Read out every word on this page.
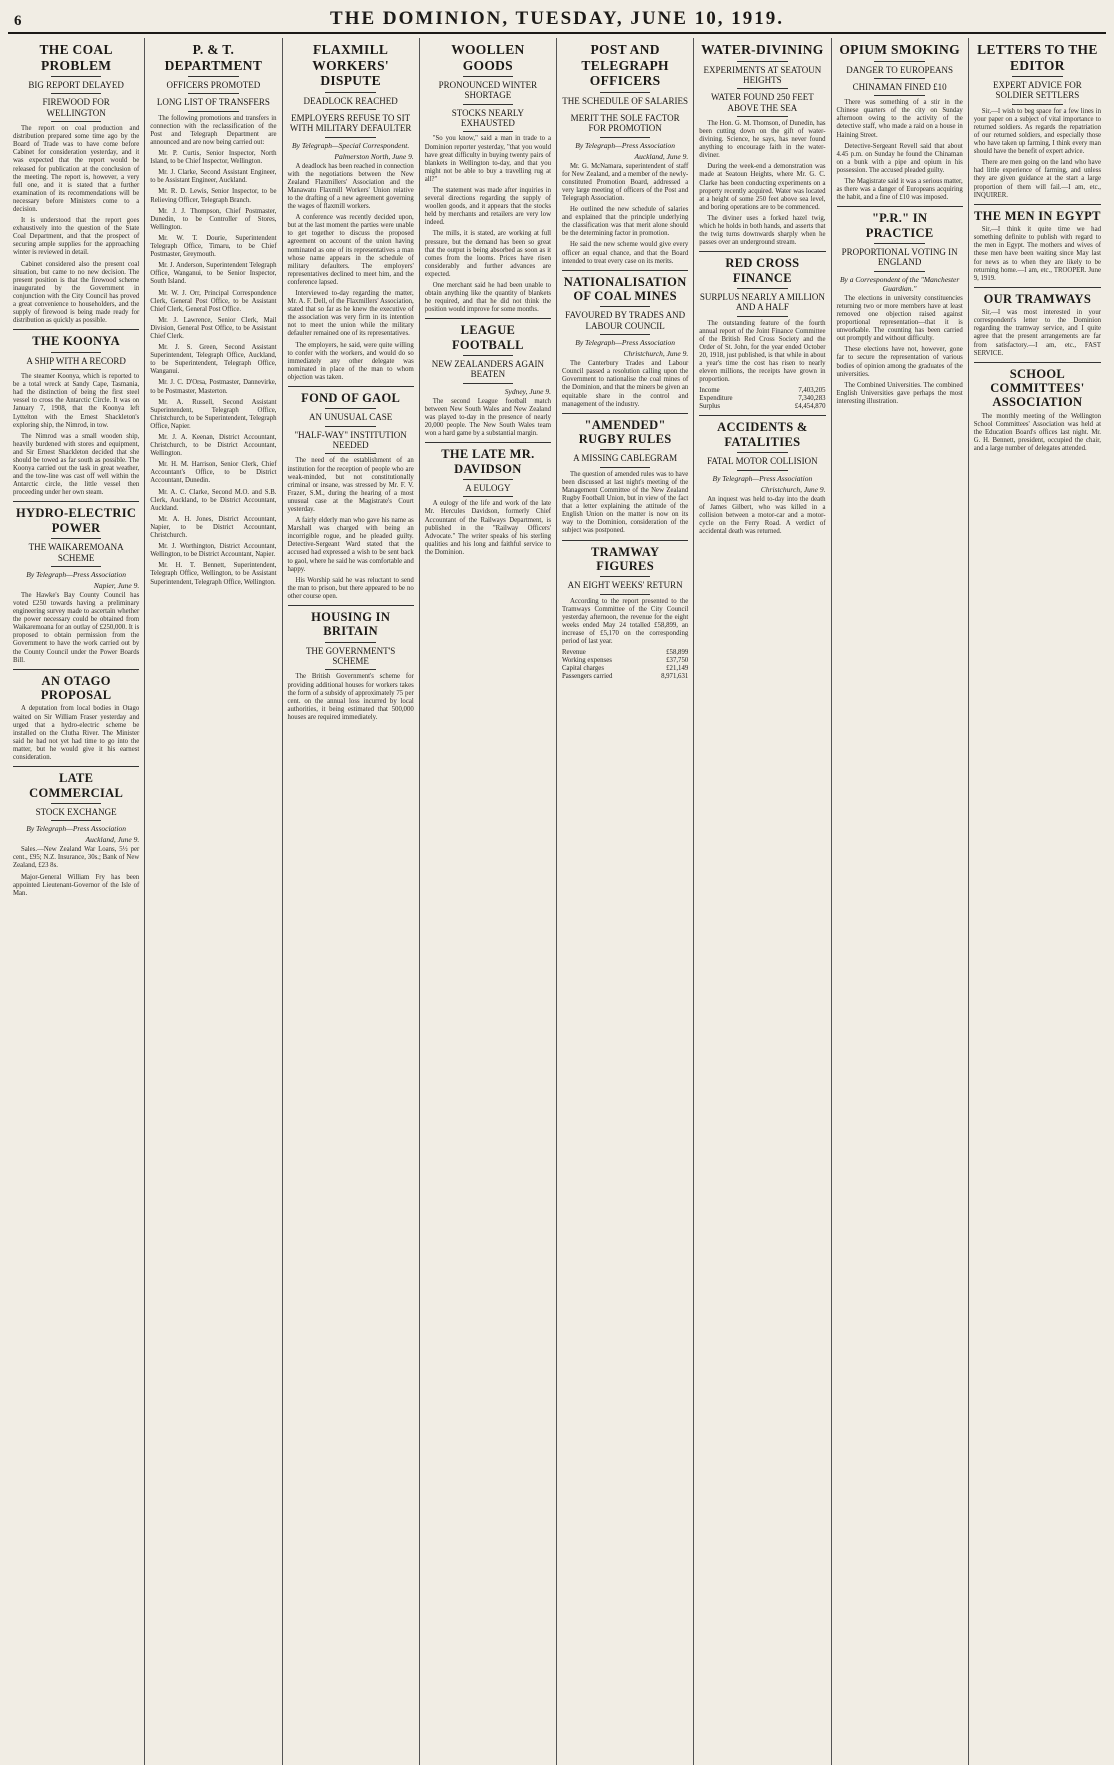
6	THE DOMINION, TUESDAY, JUNE 10, 1919.
THE COAL PROBLEM
BIG REPORT DELAYED
FIREWOOD FOR WELLINGTON

The report on coal production and distribution prepared some time ago by the Board of Trade was to have come before Cabinet for consideration yesterday, and it was expected that the report would be released for publication at the conclusion of the meeting. The report is, however, a very full one, and it is stated that a further examination of its recommendations will be necessary before Ministers come to a decision.

It is understood that the report goes exhaustively into the question of the State Coal Department, and that the prospect of securing ample supplies for the approaching winter is reviewed in detail.

Cabinet considered also the present coal situation, but came to no new decision. The present position is that the firewood scheme inaugurated by the Government in conjunction with the City Council has proved a great convenience to householders, and the supply of firewood is being made ready for distribution as quickly as possible.

THE KOONYA
A SHIP WITH A RECORD

The steamer Koonya, which is reported to be a total wreck at Sandy Cape, Tasmania, had the distinction of being the first steel vessel to cross the Antarctic Circle. It was on January 7, 1908, that the Koonya left Lyttelton with the Ernest Shackleton's exploring ship, the Nimrod, in tow.

The Nimrod was a small wooden ship, heavily burdened with stores and equipment, and Sir Ernest Shackleton decided that she should be towed as far south as possible. The Koonya carried out the task in great weather, and the tow-line was cast off well within the Antarctic circle, the little vessel then proceeding under her own steam.

HYDRO-ELECTRIC POWER
THE WAIKAREMOANA SCHEME
By Telegraph—Press Association
Napier, June 9.

The Hawke's Bay County Council has voted £250 towards having a preliminary engineering survey made to ascertain whether the power necessary could be obtained from Waikaremoana for an outlay of £250,000. It is proposed to obtain permission from the Government to have the work carried out by the County Council under the Power Boards Bill.

AN OTAGO PROPOSAL

A deputation from local bodies in Otago waited on Sir William Fraser yesterday and urged that a hydro-electric scheme be installed on the Clutha River. The Minister said he had not yet had time to go into the matter, but he would give it his earnest consideration.

LATE COMMERCIAL
STOCK EXCHANGE
By Telegraph—Press Association
Auckland, June 9.

Sales.—New Zealand War Loans, 5½ per cent., £95; N.Z. Insurance, 30s.; Bank of New Zealand, £23 8s.

Major-General William Fry has been appointed Lieutenant-Governor of the Isle of Man.

P. & T. DEPARTMENT
OFFICERS PROMOTED
LONG LIST OF TRANSFERS

The following promotions and transfers in connection with the reclassification of the Post and Telegraph Department are announced and are now being carried out:

Mr. P. Curtis, Senior Inspector, North Island, to be Chief Inspector, Wellington.

Mr. J. Clarke, Second Assistant Engineer, to be Assistant Engineer, Auckland.

Mr. R. D. Lewis, Senior Inspector, to be Relieving Officer, Telegraph Branch.

Mr. J. J. Thompson, Chief Postmaster, Dunedin, to be Controller of Stores, Wellington.

Mr. W. T. Dourie, Superintendent Telegraph Office, Timaru, to be Chief Postmaster, Greymouth.

Mr. J. Anderson, Superintendent Telegraph Office, Wanganui, to be Senior Inspector, South Island.

Mr. W. J. Orr, Principal Correspondence Clerk, General Post Office, to be Assistant Chief Clerk, General Post Office.

Mr. J. Lawrence, Senior Clerk, Mail Division, General Post Office, to be Assistant Chief Clerk.

Mr. J. S. Green, Second Assistant Superintendent, Telegraph Office, Auckland, to be Superintendent, Telegraph Office, Wanganui.

Mr. J. C. D'Orsa, Postmaster, Dannevirke, to be Postmaster, Masterton.

Mr. A. Russell, Second Assistant Superintendent, Telegraph Office, Christchurch, to be Superintendent, Telegraph Office, Napier.

Mr. J. A. Keenan, District Accountant, Christchurch, to be District Accountant, Wellington.

Mr. H. M. Harrison, Senior Clerk, Chief Accountant's Office, to be District Accountant, Dunedin.

Mr. A. C. Clarke, Second M.O. and S.B. Clerk, Auckland, to be District Accountant, Auckland.

Mr. A. H. Jones, District Accountant, Napier, to be District Accountant, Christchurch.

Mr. J. Worthington, District Accountant, Wellington, to be District Accountant, Napier.

Mr. H. T. Bennett, Superintendent, Telegraph Office, Wellington, to be Assistant Superintendent, Telegraph Office, Wellington.

FLAXMILL WORKERS' DISPUTE
DEADLOCK REACHED
EMPLOYERS REFUSE TO SIT WITH MILITARY DEFAULTER
By Telegraph—Special Correspondent.
Palmerston North, June 9.

A deadlock has been reached in connection with the negotiations between the New Zealand Flaxmillers' Association and the Manawatu Flaxmill Workers' Union relative to the drafting of a new agreement governing the wages of flaxmill workers.

A conference was recently decided upon, but at the last moment the parties were unable to get together to discuss the proposed agreement on account of the union having nominated as one of its representatives a man whose name appears in the schedule of military defaulters. The employers' representatives declined to meet him, and the conference lapsed.

Interviewed to-day regarding the matter, Mr. A. F. Dell, of the Flaxmillers' Association, stated that so far as he knew the executive of the association was very firm in its intention not to meet the union while the military defaulter remained one of its representatives.

The employers, he said, were quite willing to confer with the workers, and would do so immediately any other delegate was nominated in place of the man to whom objection was taken.

FOND OF GAOL
AN UNUSUAL CASE
"HALF-WAY" INSTITUTION NEEDED

The need of the establishment of an institution for the reception of people who are weak-minded, but not constitutionally criminal or insane, was stressed by Mr. F. V. Frazer, S.M., during the hearing of a most unusual case at the Magistrate's Court yesterday.

A fairly elderly man who gave his name as Marshall was charged with being an incorrigible rogue, and he pleaded guilty. Detective-Sergeant Ward stated that the accused had expressed a wish to be sent back to gaol, where he said he was comfortable and happy.

His Worship said he was reluctant to send the man to prison, but there appeared to be no other course open.

HOUSING IN BRITAIN
THE GOVERNMENT'S SCHEME

The British Government's scheme for providing additional houses for workers takes the form of a subsidy of approximately 75 per cent. on the annual loss incurred by local authorities, it being estimated that 500,000 houses are required immediately.

WOOLLEN GOODS
PRONOUNCED WINTER SHORTAGE
STOCKS NEARLY EXHAUSTED

"So you know," said a man in trade to a Dominion reporter yesterday, "that you would have great difficulty in buying twenty pairs of blankets in Wellington to-day, and that you might not be able to buy a travelling rug at all?"

The statement was made after inquiries in several directions regarding the supply of woollen goods, and it appears that the stocks held by merchants and retailers are very low indeed.

The mills, it is stated, are working at full pressure, but the demand has been so great that the output is being absorbed as soon as it comes from the looms. Prices have risen considerably and further advances are expected.

One merchant said he had been unable to obtain anything like the quantity of blankets he required, and that he did not think the position would improve for some months.

LEAGUE FOOTBALL
NEW ZEALANDERS AGAIN BEATEN
Sydney, June 9.

The second League football match between New South Wales and New Zealand was played to-day in the presence of nearly 20,000 people. The New South Wales team won a hard game by a substantial margin.

THE LATE MR. DAVIDSON
A EULOGY

A eulogy of the life and work of the late Mr. Hercules Davidson, formerly Chief Accountant of the Railways Department, is published in the "Railway Officers' Advocate." The writer speaks of his sterling qualities and his long and faithful service to the Dominion.

POST AND TELEGRAPH OFFICERS
THE SCHEDULE OF SALARIES
MERIT THE SOLE FACTOR FOR PROMOTION
By Telegraph—Press Association
Auckland, June 9.

Mr. G. McNamara, superintendent of staff for New Zealand, and a member of the newly-constituted Promotion Board, addressed a very large meeting of officers of the Post and Telegraph Association.

He outlined the new schedule of salaries and explained that the principle underlying the classification was that merit alone should be the determining factor in promotion.

He said the new scheme would give every officer an equal chance, and that the Board intended to treat every case on its merits.

NATIONALISATION OF COAL MINES
FAVOURED BY TRADES AND LABOUR COUNCIL
By Telegraph—Press Association
Christchurch, June 9.

The Canterbury Trades and Labour Council passed a resolution calling upon the Government to nationalise the coal mines of the Dominion, and that the miners be given an equitable share in the control and management of the industry.

"AMENDED" RUGBY RULES
A MISSING CABLEGRAM

The question of amended rules was to have been discussed at last night's meeting of the Management Committee of the New Zealand Rugby Football Union, but in view of the fact that a letter explaining the attitude of the English Union on the matter is now on its way to the Dominion, consideration of the subject was postponed.

TRAMWAY FIGURES
AN EIGHT WEEKS' RETURN

According to the report presented to the Tramways Committee of the City Council yesterday afternoon, the revenue for the eight weeks ended May 24 totalled £58,899, an increase of £5,170 on the corresponding period of last year.

Revenue	£58,899
Working expenses	£37,750
Capital charges	£21,149
Passengers carried	8,971,631
WATER-DIVINING
EXPERIMENTS AT SEATOUN HEIGHTS
WATER FOUND 250 FEET ABOVE THE SEA

The Hon. G. M. Thomson, of Dunedin, has been cutting down on the gift of water-divining. Science, he says, has never found anything to encourage faith in the water-diviner.

During the week-end a demonstration was made at Seatoun Heights, where Mr. G. C. Clarke has been conducting experiments on a property recently acquired. Water was located at a height of some 250 feet above sea level, and boring operations are to be commenced.

The diviner uses a forked hazel twig, which he holds in both hands, and asserts that the twig turns downwards sharply when he passes over an underground stream.

RED CROSS FINANCE
SURPLUS NEARLY A MILLION AND A HALF

The outstanding feature of the fourth annual report of the Joint Finance Committee of the British Red Cross Society and the Order of St. John, for the year ended October 20, 1918, just published, is that while in about a year's time the cost has risen to nearly eleven millions, the receipts have grown in proportion.

Income	7,403,205
Expenditure	7,340,283
Surplus	£4,454,870
ACCIDENTS & FATALITIES
FATAL MOTOR COLLISION
By Telegraph—Press Association
Christchurch, June 9.

An inquest was held to-day into the death of James Gilbert, who was killed in a collision between a motor-car and a motor-cycle on the Ferry Road. A verdict of accidental death was returned.

OPIUM SMOKING
DANGER TO EUROPEANS
CHINAMAN FINED £10

There was something of a stir in the Chinese quarters of the city on Sunday afternoon owing to the activity of the detective staff, who made a raid on a house in Haining Street.

Detective-Sergeant Revell said that about 4.45 p.m. on Sunday he found the Chinaman on a bunk with a pipe and opium in his possession. The accused pleaded guilty.

The Magistrate said it was a serious matter, as there was a danger of Europeans acquiring the habit, and a fine of £10 was imposed.

"P.R." IN PRACTICE
PROPORTIONAL VOTING IN ENGLAND
By a Correspondent of the "Manchester Guardian."

The elections in university constituencies returning two or more members have at least removed one objection raised against proportional representation—that it is unworkable. The counting has been carried out promptly and without difficulty.

These elections have not, however, gone far to secure the representation of various bodies of opinion among the graduates of the universities.

The Combined Universities. The combined English Universities gave perhaps the most interesting illustration.

LETTERS TO THE EDITOR
EXPERT ADVICE FOR SOLDIER SETTLERS

Sir,—I wish to beg space for a few lines in your paper on a subject of vital importance to returned soldiers. As regards the repatriation of our returned soldiers, and especially those who have taken up farming, I think every man should have the benefit of expert advice.

There are men going on the land who have had little experience of farming, and unless they are given guidance at the start a large proportion of them will fail.—I am, etc., INQUIRER.

THE MEN IN EGYPT

Sir,—I think it quite time we had something definite to publish with regard to the men in Egypt. The mothers and wives of these men have been waiting since May last for news as to when they are likely to be returning home.—I am, etc., TROOPER. June 9, 1919.

OUR TRAMWAYS

Sir,—I was most interested in your correspondent's letter to the Dominion regarding the tramway service, and I quite agree that the present arrangements are far from satisfactory.—I am, etc., FAST SERVICE.

SCHOOL COMMITTEES' ASSOCIATION

The monthly meeting of the Wellington School Committees' Association was held at the Education Board's offices last night. Mr. G. H. Bennett, president, occupied the chair, and a large number of delegates attended.
